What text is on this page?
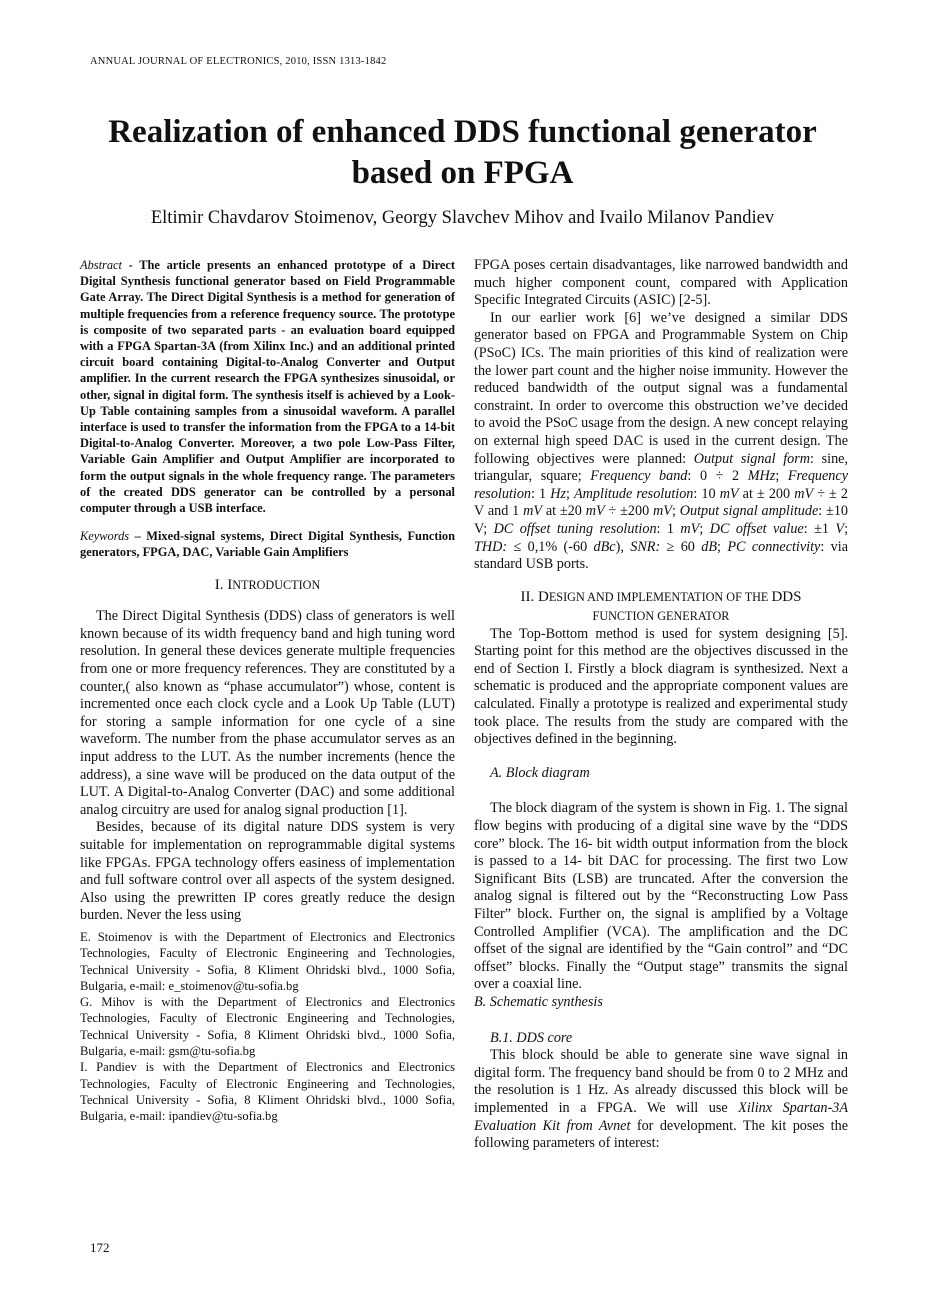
ANNUAL JOURNAL OF ELECTRONICS, 2010, ISSN 1313-1842
Realization of enhanced DDS functional generator
based on FPGA
Eltimir Chavdarov Stoimenov, Georgy Slavchev Mihov and Ivailo Milanov Pandiev
Abstract - The article presents an enhanced prototype of a Direct Digital Synthesis functional generator based on Field Programmable Gate Array. The Direct Digital Synthesis is a method for generation of multiple frequencies from a reference frequency source. The prototype is composite of two separated parts - an evaluation board equipped with a FPGA Spartan-3A (from Xilinx Inc.) and an additional printed circuit board containing Digital-to-Analog Converter and Output amplifier. In the current research the FPGA synthesizes sinusoidal, or other, signal in digital form. The synthesis itself is achieved by a Look-Up Table containing samples from a sinusoidal waveform. A parallel interface is used to transfer the information from the FPGA to a 14-bit Digital-to-Analog Converter. Moreover, a two pole Low-Pass Filter, Variable Gain Amplifier and Output Amplifier are incorporated to form the output signals in the whole frequency range. The parameters of the created DDS generator can be controlled by a personal computer through a USB interface.
Keywords – Mixed-signal systems, Direct Digital Synthesis, Function generators, FPGA, DAC, Variable Gain Amplifiers
I. INTRODUCTION

The Direct Digital Synthesis (DDS) class of generators is well known because of its width frequency band and high tuning word resolution. In general these devices generate multiple frequencies from one or more frequency references. They are constituted by a counter,( also known as “phase accumulator”) whose, content is incremented once each clock cycle and a Look Up Table (LUT) for storing a sample information for one cycle of a sine waveform. The number from the phase accumulator serves as an input address to the LUT. As the number increments (hence the address), a sine wave will be produced on the data output of the LUT. A Digital-to-Analog Converter (DAC) and some additional analog circuitry are used for analog signal production [1].

Besides, because of its digital nature DDS system is very suitable for implementation on reprogrammable digital systems like FPGAs. FPGA technology offers easiness of implementation and full software control over all aspects of the system designed. Also using the prewritten IP cores greatly reduce the design burden. Never the less using

E. Stoimenov is with the Department of Electronics and Electronics Technologies, Faculty of Electronic Engineering and Technologies, Technical University - Sofia, 8 Kliment Ohridski blvd., 1000 Sofia, Bulgaria, e-mail: e_stoimenov@tu-sofia.bg
G. Mihov is with the Department of Electronics and Electronics Technologies, Faculty of Electronic Engineering and Technologies, Technical University - Sofia, 8 Kliment Ohridski blvd., 1000 Sofia, Bulgaria, e-mail: gsm@tu-sofia.bg
I. Pandiev is with the Department of Electronics and Electronics Technologies, Faculty of Electronic Engineering and Technologies, Technical University - Sofia, 8 Kliment Ohridski blvd., 1000 Sofia, Bulgaria, e-mail: ipandiev@tu-sofia.bg

FPGA poses certain disadvantages, like narrowed bandwidth and much higher component count, compared with Application Specific Integrated Circuits (ASIC) [2-5].

In our earlier work [6] we’ve designed a similar DDS generator based on FPGA and Programmable System on Chip (PSoC) ICs. The main priorities of this kind of realization were the lower part count and the higher noise immunity. However the reduced bandwidth of the output signal was a fundamental constraint. In order to overcome this obstruction we’ve decided to avoid the PSoC usage from the design. A new concept relaying on external high speed DAC is used in the current design. The following objectives were planned: Output signal form: sine, triangular, square; Frequency band: 0 ÷ 2 MHz; Frequency resolution: 1 Hz; Amplitude resolution: 10 mV at ± 200 mV ÷ ± 2 V and 1 mV at ±20 mV ÷ ±200 mV; Output signal amplitude: ±10 V; DC offset tuning resolution: 1 mV; DC offset value: ±1 V; THD: ≤ 0,1% (-60 dBc), SNR: ≥ 60 dB; PC connectivity: via standard USB ports.

II. DESIGN AND IMPLEMENTATION OF THE DDS
FUNCTION GENERATOR

The Top-Bottom method is used for system designing [5]. Starting point for this method are the objectives discussed in the end of Section I. Firstly a block diagram is synthesized. Next a schematic is produced and the appropriate component values are calculated. Finally a prototype is realized and experimental study took place. The results from the study are compared with the objectives defined in the beginning.

A. Block diagram

The block diagram of the system is shown in Fig. 1. The signal flow begins with producing of a digital sine wave by the “DDS core” block. The 16- bit width output information from the block is passed to a 14- bit DAC for processing. The first two Low Significant Bits (LSB) are truncated. After the conversion the analog signal is filtered out by the “Reconstructing Low Pass Filter” block. Further on, the signal is amplified by a Voltage Controlled Amplifier (VCA). The amplification and the DC offset of the signal are identified by the “Gain control” and “DC offset” blocks. Finally the “Output stage” transmits the signal over a coaxial line.

B. Schematic synthesis
B.1. DDS core

This block should be able to generate sine wave signal in digital form. The frequency band should be from 0 to 2 MHz and the resolution is 1 Hz. As already discussed this block will be implemented in a FPGA. We will use Xilinx Spartan-3A Evaluation Kit from Avnet for development. The kit poses the following parameters of interest:

172
